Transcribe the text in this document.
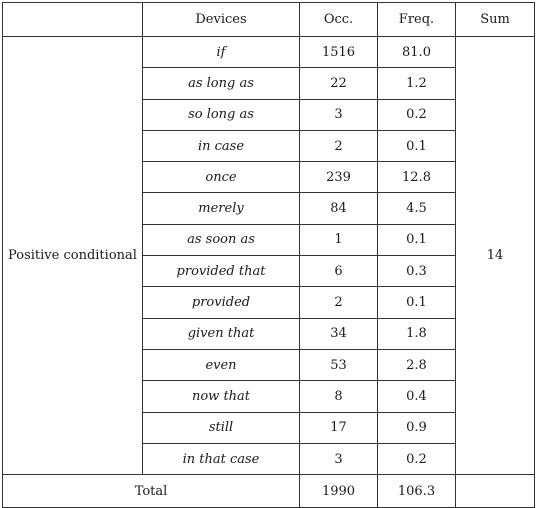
	Devices	Occ.	Freq.	Sum
Positive conditional	if	1516	81.0	14
	as long as	22	1.2	
	so long as	3	0.2	
	in case	2	0.1	
	once	239	12.8	
	merely	84	4.5	
	as soon as	1	0.1	
	provided that	6	0.3	
	provided	2	0.1	
	given that	34	1.8	
	even	53	2.8	
	now that	8	0.4	
	still	17	0.9	
	in that case	3	0.2	
Total		1990	106.3	
